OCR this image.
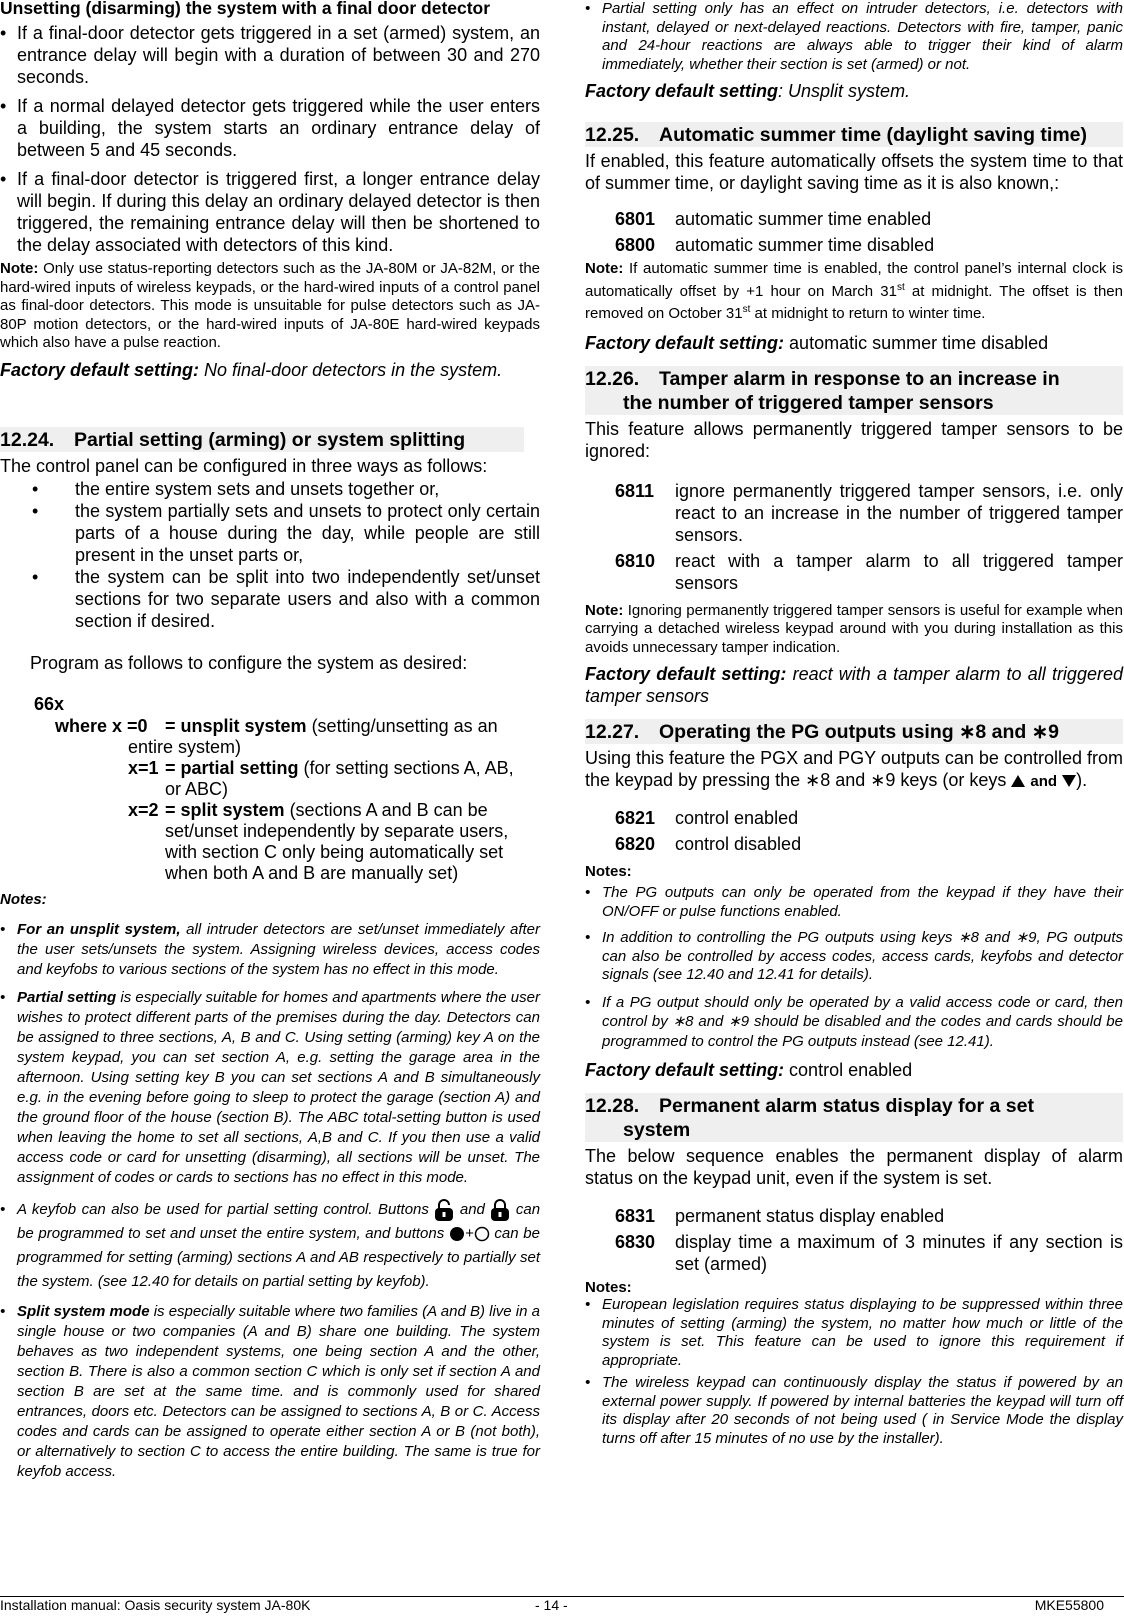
Unsetting (disarming) the system with a final door detector

• If a final-door detector gets triggered in a set (armed) system, an entrance delay will begin with a duration of between 30 and 270 seconds.

• If a normal delayed detector gets triggered while the user enters a building, the system starts an ordinary entrance delay of between 5 and 45 seconds.

• If a final-door detector is triggered first, a longer entrance delay will begin. If during this delay an ordinary delayed detector is then triggered, the remaining entrance delay will then be shortened to the delay associated with detectors of this kind.

Note: Only use status-reporting detectors such as the JA-80M or JA-82M, or the hard-wired inputs of wireless keypads, or the hard-wired inputs of a control panel as final-door detectors. This mode is unsuitable for pulse detectors such as JA-80P motion detectors, or the hard-wired inputs of JA-80E hard-wired keypads which also have a pulse reaction.

Factory default setting: No final-door detectors in the system.

12.24. Partial setting (arming) or system splitting

The control panel can be configured in three ways as follows:

• the entire system sets and unsets together or,

• the system partially sets and unsets to protect only certain parts of a house during the day, while people are still present in the unset parts or,

• the system can be split into two independently set/unset sections for two separate users and also with a common section if desired.

Program as follows to configure the system as desired:

66x

where x =0 = unsplit system (setting/unsetting as an
entire system)
x=1 = partial setting (for setting sections A, AB,
or ABC)
x=2 = split system (sections A and B can be
set/unset independently by separate users,
with section C only being automatically set
when both A and B are manually set)

Notes:

• For an unsplit system, all intruder detectors are set/unset immediately after the user sets/unsets the system. Assigning wireless devices, access codes and keyfobs to various sections of the system has no effect in this mode.

• Partial setting is especially suitable for homes and apartments where the user wishes to protect different parts of the premises during the day. Detectors can be assigned to three sections, A, B and C. Using setting (arming) key A on the system keypad, you can set section A, e.g. setting the garage area in the afternoon. Using setting key B you can set sections A and B simultaneously e.g. in the evening before going to sleep to protect the garage (section A) and the ground floor of the house (section B). The ABC total-setting button is used when leaving the home to set all sections, A,B and C. If you then use a valid access code or card for unsetting (disarming), all sections will be unset. The assignment of codes or cards to sections has no effect in this mode.

• A keyfob can also be used for partial setting control. Buttons and can be programmed to set and unset the entire system, and buttons + can be programmed for setting (arming) sections A and AB respectively to partially set the system. (see 12.40 for details on partial setting by keyfob).

• Split system mode is especially suitable where two families (A and B) live in a single house or two companies (A and B) share one building. The system behaves as two independent systems, one being section A and the other, section B. There is also a common section C which is only set if section A and section B are set at the same time. and is commonly used for shared entrances, doors etc. Detectors can be assigned to sections A, B or C. Access codes and cards can be assigned to operate either section A or B (not both), or alternatively to section C to access the entire building. The same is true for keyfob access.

• Partial setting only has an effect on intruder detectors, i.e. detectors with instant, delayed or next-delayed reactions. Detectors with fire, tamper, panic and 24-hour reactions are always able to trigger their kind of alarm immediately, whether their section is set (armed) or not.

Factory default setting: Unsplit system.

12.25. Automatic summer time (daylight saving time)

If enabled, this feature automatically offsets the system time to that of summer time, or daylight saving time as it is also known,:

6801	automatic summer time enabled
6800	automatic summer time disabled

Note: If automatic summer time is enabled, the control panel’s internal clock is automatically offset by +1 hour on March 31st at midnight. The offset is then removed on October 31st at midnight to return to winter time.

Factory default setting: automatic summer time disabled

12.26. Tamper alarm in response to an increase in
the number of triggered tamper sensors

This feature allows permanently triggered tamper sensors to be ignored:

6811	ignore permanently triggered tamper sensors, i.e. only react to an increase in the number of triggered tamper sensors.
6810	react with a tamper alarm to all triggered tamper sensors

Note: Ignoring permanently triggered tamper sensors is useful for example when carrying a detached wireless keypad around with you during installation as this avoids unnecessary tamper indication.

Factory default setting: react with a tamper alarm to all triggered tamper sensors

12.27. Operating the PG outputs using ∗8 and ∗9

Using this feature the PGX and PGY outputs can be controlled from the keypad by pressing the ∗8 and ∗9 keys (or keys and ).

6821	control enabled
6820	control disabled

Notes:

• The PG outputs can only be operated from the keypad if they have their ON/OFF or pulse functions enabled.

• In addition to controlling the PG outputs using keys ∗8 and ∗9, PG outputs can also be controlled by access codes, access cards, keyfobs and detector signals (see 12.40 and 12.41 for details).

• If a PG output should only be operated by a valid access code or card, then control by ∗8 and ∗9 should be disabled and the codes and cards should be programmed to control the PG outputs instead (see 12.41).

Factory default setting: control enabled

12.28. Permanent alarm status display for a set
system

The below sequence enables the permanent display of alarm status on the keypad unit, even if the system is set.

6831	permanent status display enabled
6830	display time a maximum of 3 minutes if any section is set (armed)

Notes:

• European legislation requires status displaying to be suppressed within three minutes of setting (arming) the system, no matter how much or little of the system is set. This feature can be used to ignore this requirement if appropriate.

• The wireless keypad can continuously display the status if powered by an external power supply. If powered by internal batteries the keypad will turn off its display after 20 seconds of not being used ( in Service Mode the display turns off after 15 minutes of no use by the installer).

Installation manual: Oasis security system JA-80K	- 14 -	MKE55800
